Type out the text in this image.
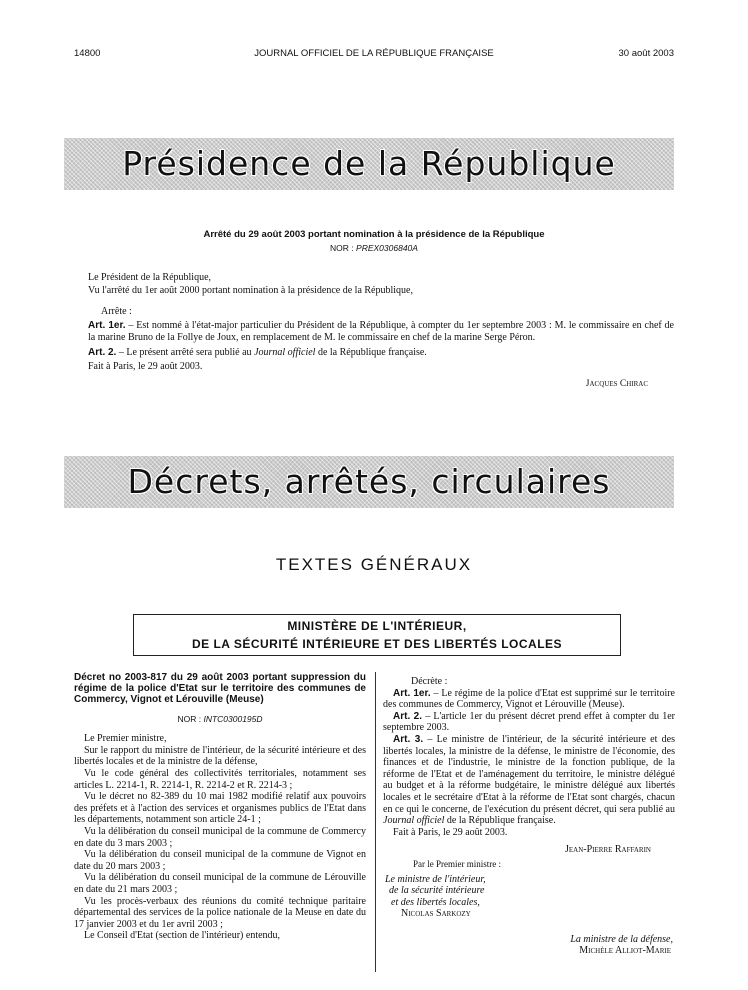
14800	JOURNAL OFFICIEL DE LA RÉPUBLIQUE FRANÇAISE	30 août 2003
Présidence de la République
Arrêté du 29 août 2003 portant nomination à la présidence de la République
NOR : PREX0306840A
Le Président de la République,
Vu l'arrêté du 1er août 2000 portant nomination à la présidence de la République,
Arrête :
Art. 1er. – Est nommé à l'état-major particulier du Président de la République, à compter du 1er septembre 2003 : M. le commissaire en chef de la marine Bruno de la Follye de Joux, en remplacement de M. le commissaire en chef de la marine Serge Péron.
Art. 2. – Le présent arrêté sera publié au Journal officiel de la République française.
Fait à Paris, le 29 août 2003.
Jacques Chirac
Décrets, arrêtés, circulaires
TEXTES GÉNÉRAUX
MINISTÈRE DE L'INTÉRIEUR,
DE LA SÉCURITÉ INTÉRIEURE ET DES LIBERTÉS LOCALES
Décret no 2003-817 du 29 août 2003 portant suppression du régime de la police d'Etat sur le territoire des communes de Commercy, Vignot et Lérouville (Meuse)
NOR : INTC0300195D

Le Premier ministre,

Sur le rapport du ministre de l'intérieur, de la sécurité intérieure et des libertés locales et de la ministre de la défense,

Vu le code général des collectivités territoriales, notamment ses articles L. 2214-1, R. 2214-1, R. 2214-2 et R. 2214-3 ;

Vu le décret no 82-389 du 10 mai 1982 modifié relatif aux pouvoirs des préfets et à l'action des services et organismes publics de l'Etat dans les départements, notamment son article 24-1 ;

Vu la délibération du conseil municipal de la commune de Commercy en date du 3 mars 2003 ;

Vu la délibération du conseil municipal de la commune de Vignot en date du 20 mars 2003 ;

Vu la délibération du conseil municipal de la commune de Lérouville en date du 21 mars 2003 ;

Vu les procès-verbaux des réunions du comité technique paritaire départemental des services de la police nationale de la Meuse en date du 17 janvier 2003 et du 1er avril 2003 ;

Le Conseil d'Etat (section de l'intérieur) entendu,

Décrète :

Art. 1er. – Le régime de la police d'Etat est supprimé sur le territoire des communes de Commercy, Vignot et Lérouville (Meuse).

Art. 2. – L'article 1er du présent décret prend effet à compter du 1er septembre 2003.

Art. 3. – Le ministre de l'intérieur, de la sécurité intérieure et des libertés locales, la ministre de la défense, le ministre de l'économie, des finances et de l'industrie, le ministre de la fonction publique, de la réforme de l'Etat et de l'aménagement du territoire, le ministre délégué au budget et à la réforme budgétaire, le ministre délégué aux libertés locales et le secrétaire d'Etat à la réforme de l'Etat sont chargés, chacun en ce qui le concerne, de l'exécution du présent décret, qui sera publié au Journal officiel de la République française.

Fait à Paris, le 29 août 2003.

Jean-Pierre Raffarin

Par le Premier ministre :

Le ministre de l'intérieur,
de la sécurité intérieure
et des libertés locales,
Nicolas Sarkozy
La ministre de la défense,
Michèle Alliot-Marie
